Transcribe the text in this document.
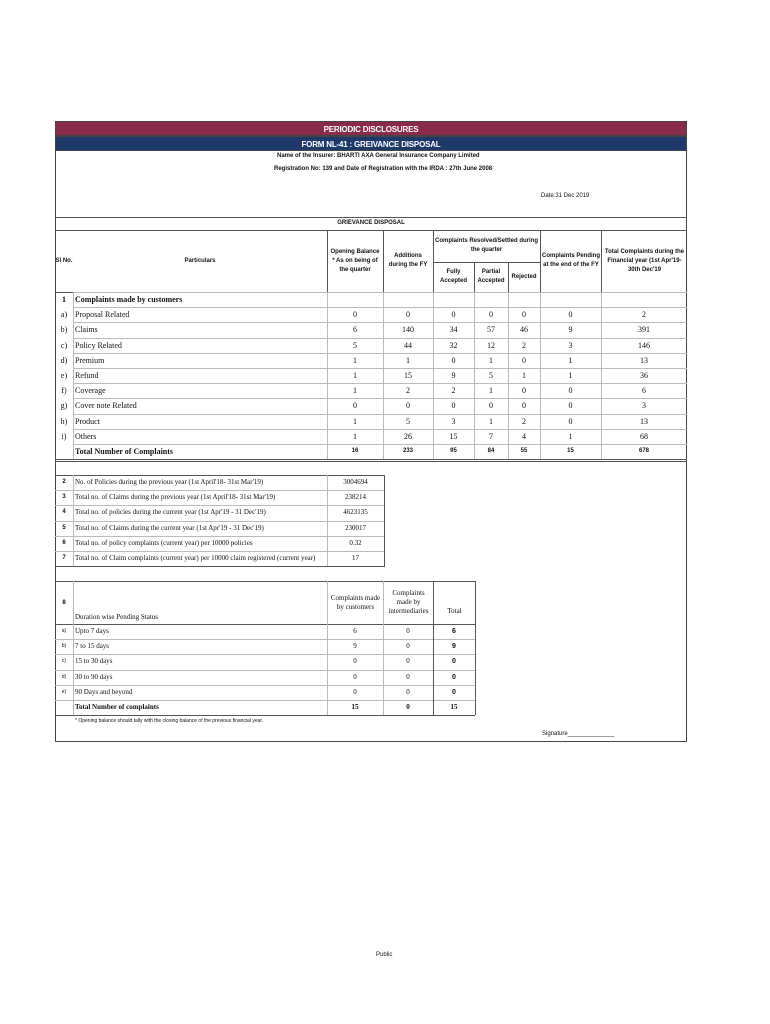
PERIODIC DISCLOSURES
FORM NL-41 : GREIVANCE DISPOSAL
Name of the Insurer: BHARTI AXA General Insurance Company Limited
Registration No: 139 and Date of Registration with the IRDA : 27th June 2008
Date:31 Dec 2019
GRIEVANCE DISPOSAL
Sl No.	Particulars
Opening Balance * As on being of the quarter
Additions during the FY
Complaints Resolved/Settled during the quarter
Fully Accepted
Partial Accepted
Rejected
Complaints Pending at the end of the FY
Total Complaints during the Financial year (1st Apr'19- 30th Dec'19
1	Complaints made by customers
a) Proposal Related	0	0	0	0	0	0	2
b) Claims	6	140	34	57	46	9	391
c) Policy Related	5	44	32	12	2	3	146
d) Premium	1	1	0	1	0	1	13
e) Refund	1	15	9	5	1	1	36
f)	Coverage	1	2	2	1	0	0	6
g) Cover note Related	0	0	0	0	0	0	3
h) Product	1	5	3	1	2	0	13
i)	Others	1	26	15	7	4	1	68
Total Number of Complaints	16	233	95	84	55	15	678
2	No. of Policies during the previous year (1st April'18- 31st Mar'19)	3004694
3	Total no. of Claims during the previous year (1st April'18- 31st Mar'19)	238214
4	Total no. of policies during the current year (1st Apr'19 - 31 Dec'19)	4623135
5	Total no. of Claims during the current year (1st Apr'19 - 31 Dec'19)	230017
6	Total no. of policy complaints (current year) per 10000 policies	0.32
7	Total no. of Claim complaints (current year) per 10000 claim registered (current year)	17
8
Duration wise Pending Status
Complaints made by customers
Complaints made by intermediaries	Total
a)	Upto 7 days	6	0	6
b)	7 to 15 days	9	0	9
c)	15 to 30 days	0	0	0
d)	30 to 90 days	0	0	0
e)	90 Days and beyond	0	0	0
Total Number of complaints	15	0	15
* Opening balance should tally with the closing balance of the previous financial year.
Signature______________
Public
